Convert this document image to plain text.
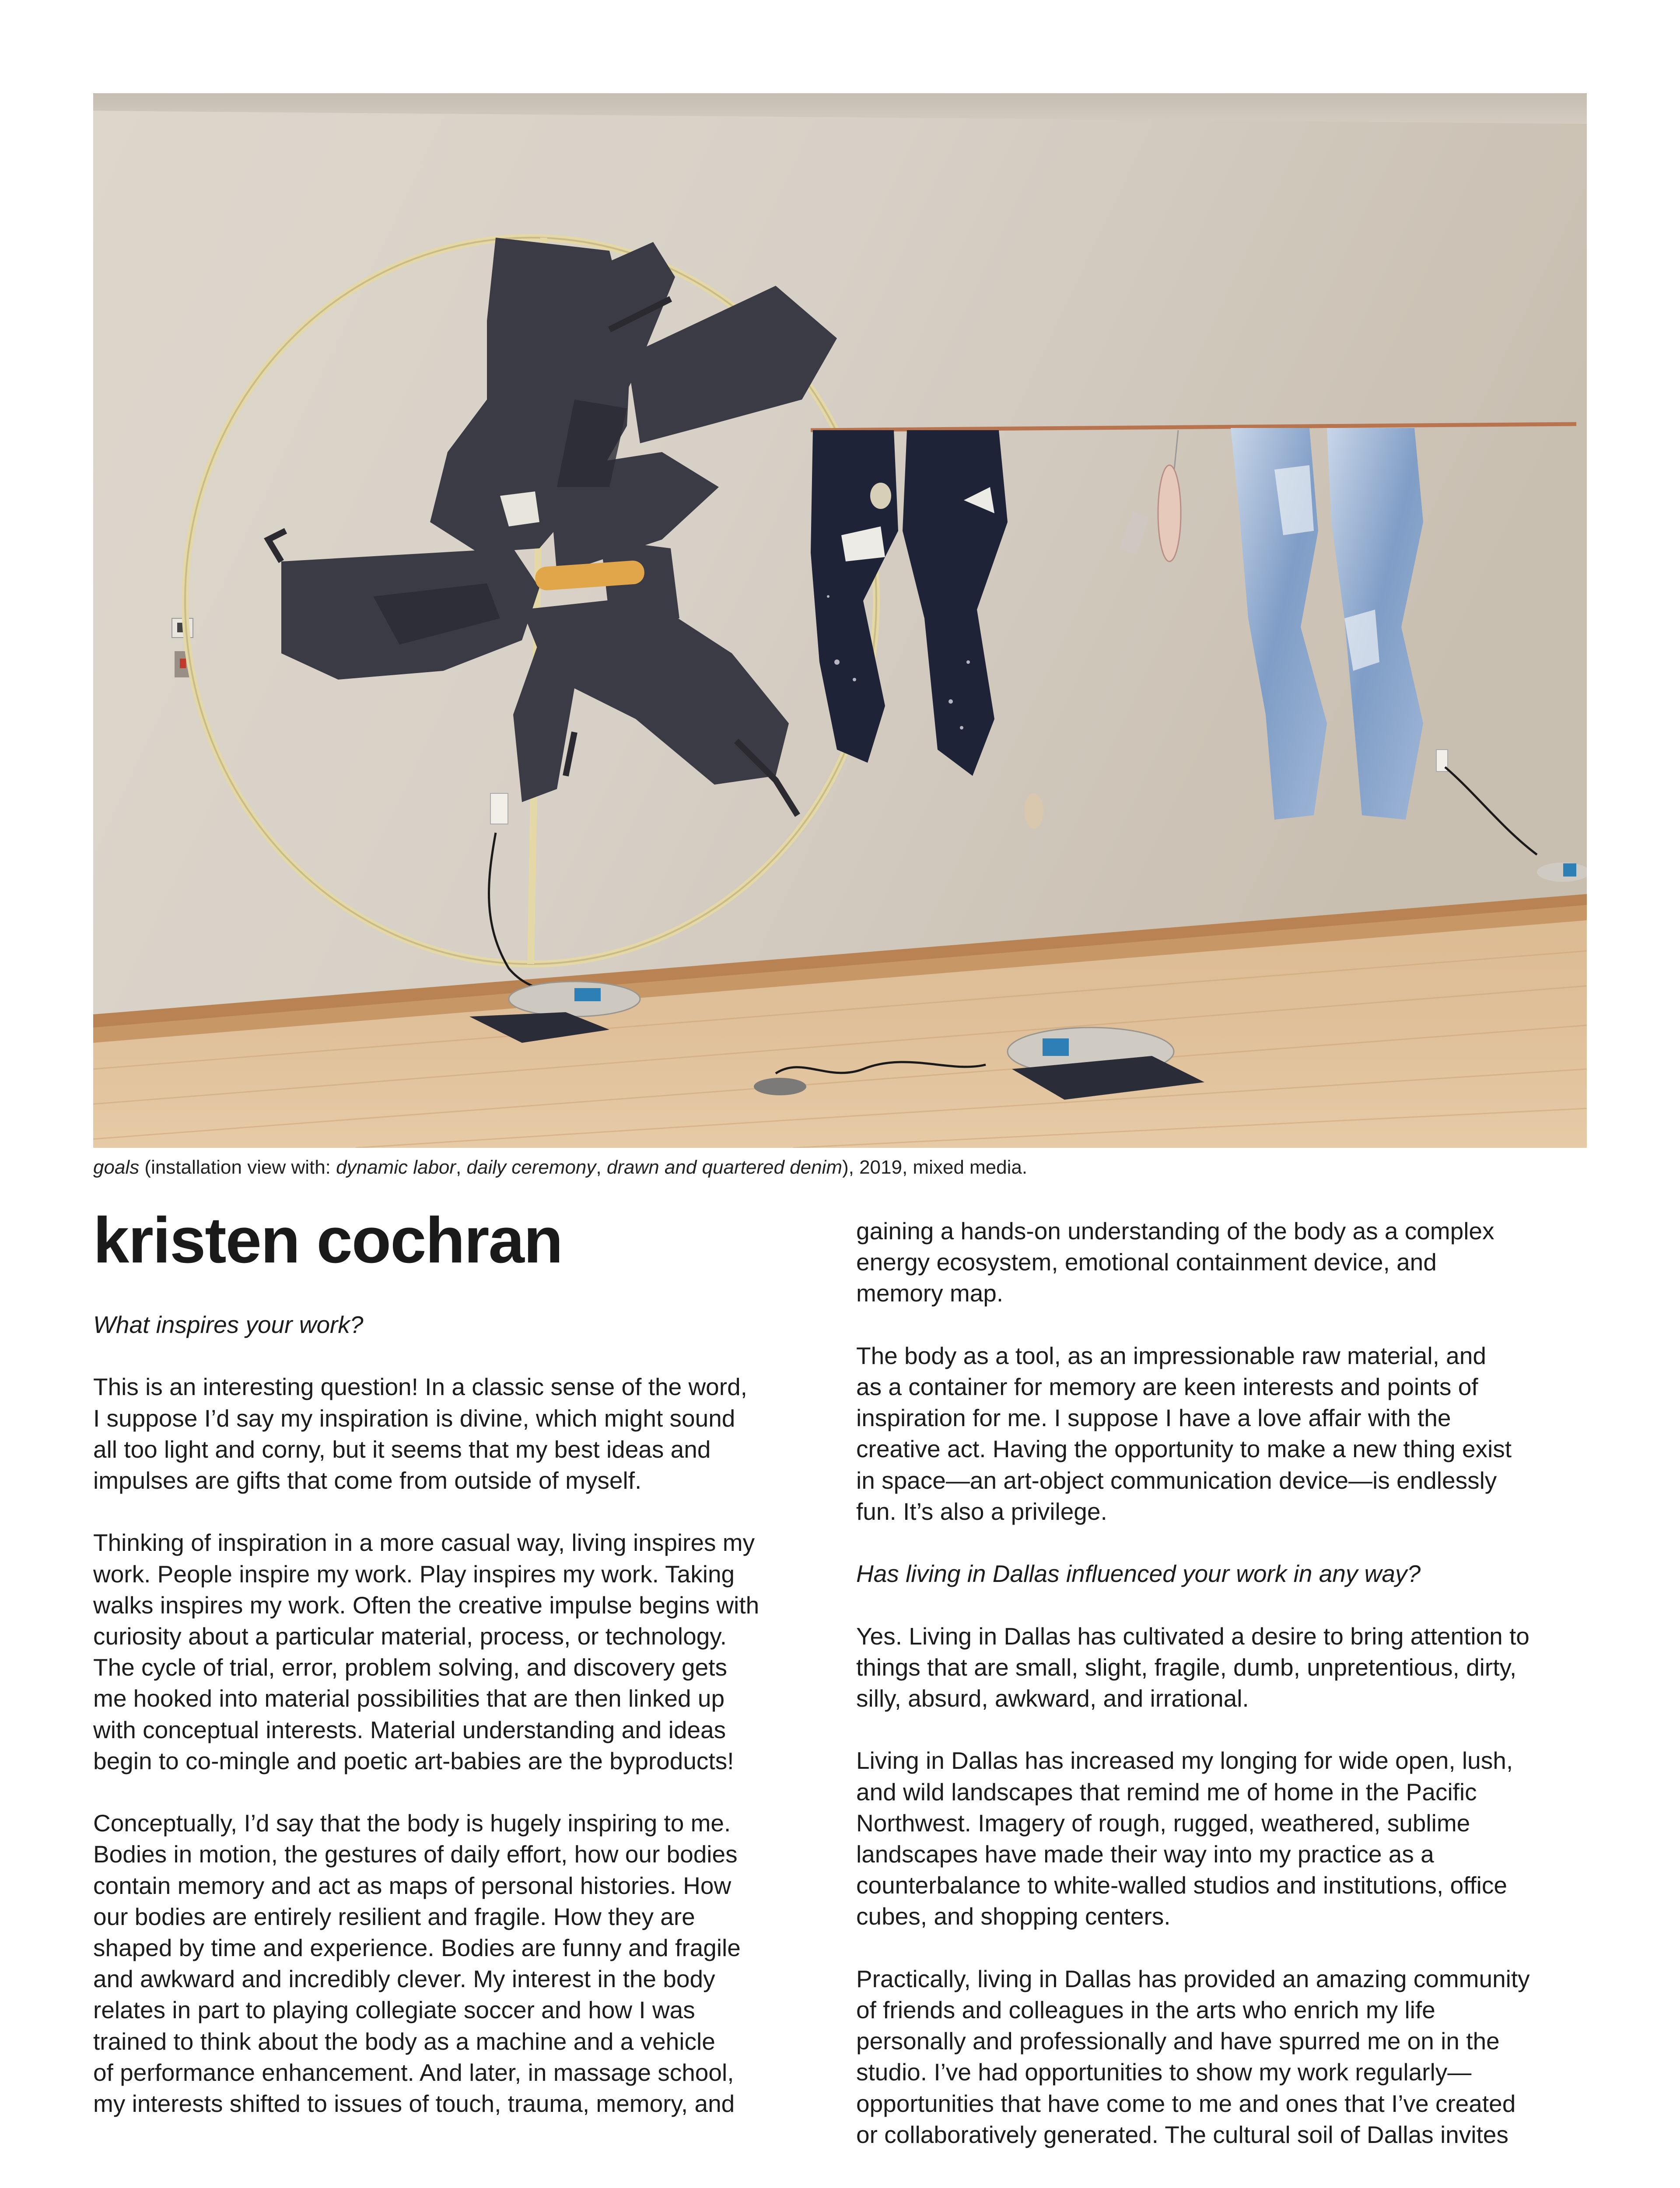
goals (installation view with: dynamic labor, daily ceremony, drawn and quartered denim), 2019, mixed media.
kristen cochran

What inspires your work?

This is an interesting question! In a classic sense of the word,
I suppose I’d say my inspiration is divine, which might sound
all too light and corny, but it seems that my best ideas and
impulses are gifts that come from outside of myself.
Thinking of inspiration in a more casual way, living inspires my
work. People inspire my work. Play inspires my work. Taking
walks inspires my work. Often the creative impulse begins with
curiosity about a particular material, process, or technology.
The cycle of trial, error, problem solving, and discovery gets
me hooked into material possibilities that are then linked up
with conceptual interests. Material understanding and ideas
begin to co-mingle and poetic art-babies are the byproducts!
Conceptually, I’d say that the body is hugely inspiring to me.
Bodies in motion, the gestures of daily effort, how our bodies
contain memory and act as maps of personal histories. How
our bodies are entirely resilient and fragile. How they are
shaped by time and experience. Bodies are funny and fragile
and awkward and incredibly clever. My interest in the body
relates in part to playing collegiate soccer and how I was
trained to think about the body as a machine and a vehicle
of performance enhancement. And later, in massage school,
my interests shifted to issues of touch, trauma, memory, and
gaining a hands-on understanding of the body as a complex
energy ecosystem, emotional containment device, and
memory map.
The body as a tool, as an impressionable raw material, and
as a container for memory are keen interests and points of
inspiration for me. I suppose I have a love affair with the
creative act. Having the opportunity to make a new thing exist
in space—an art-object communication device—is endlessly
fun. It’s also a privilege.

Has living in Dallas influenced your work in any way?

Yes. Living in Dallas has cultivated a desire to bring attention to
things that are small, slight, fragile, dumb, unpretentious, dirty,
silly, absurd, awkward, and irrational.
Living in Dallas has increased my longing for wide open, lush,
and wild landscapes that remind me of home in the Pacific
Northwest. Imagery of rough, rugged, weathered, sublime
landscapes have made their way into my practice as a
counterbalance to white-walled studios and institutions, office
cubes, and shopping centers.
Practically, living in Dallas has provided an amazing community
of friends and colleagues in the arts who enrich my life
personally and professionally and have spurred me on in the
studio. I’ve had opportunities to show my work regularly—
opportunities that have come to me and ones that I’ve created
or collaboratively generated. The cultural soil of Dallas invites
